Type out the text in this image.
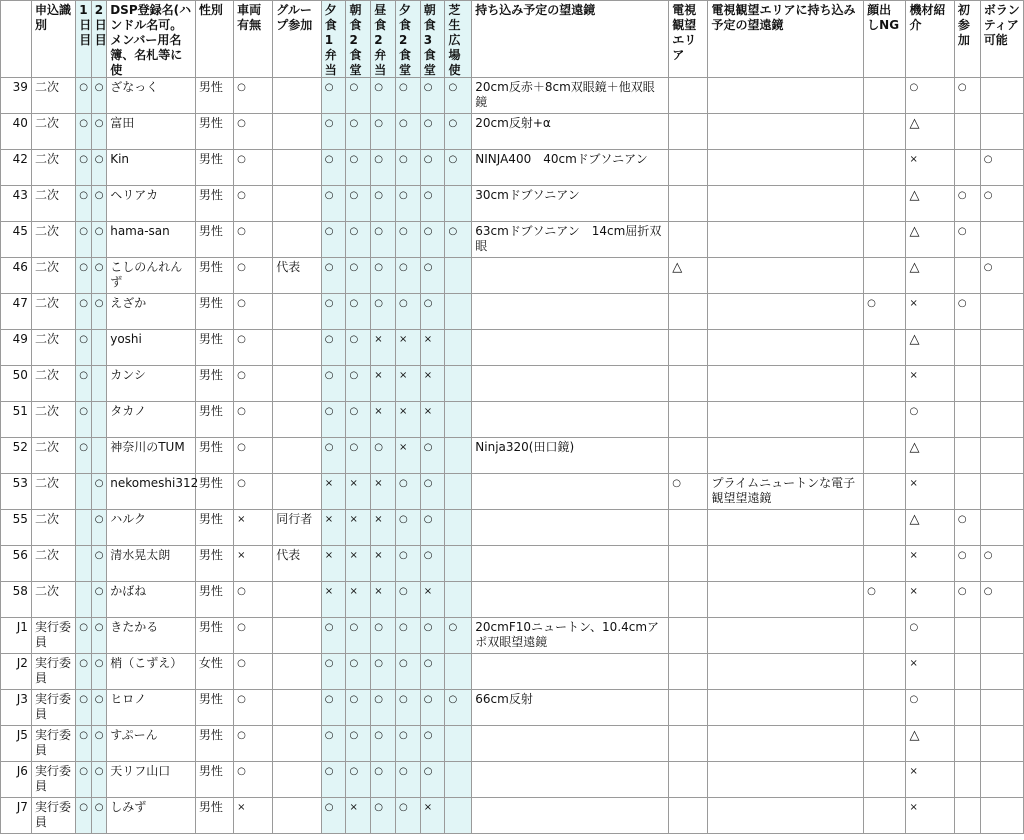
	申込識別	1日目	2日目	DSP登録名(ハンドル名可。メンバー用名簿、名札等に使	性別	車両有無	グループ参加	夕食1弁当	朝食2食堂	昼食2弁当	夕食2食堂	朝食3食堂	芝生広場使	持ち込み予定の望遠鏡	電視観望エリア	電視観望エリアに持ち込み予定の望遠鏡	顔出しNG	機材紹介	初参加	ボランティア可能

39	二次	○	○	ざなっく	男性	○		○	○	○	○	○	○	20cm反赤＋8cm双眼鏡＋他双眼鏡				○	○	

40	二次	○	○	富田	男性	○		○	○	○	○	○	○	20cm反射+α				△		

42	二次	○	○	Kin	男性	○		○	○	○	○	○	○	NINJA400　40cmドブソニアン				×		○

43	二次	○	○	ヘリアカ	男性	○		○	○	○	○	○		30cmドブソニアン				△	○	○

45	二次	○	○	hama-san	男性	○		○	○	○	○	○	○	63cmドブソニアン　14cm屈折双眼				△	○	

46	二次	○	○	こしのんれんず	男性	○	代表	○	○	○	○	○			△			△		○

47	二次	○	○	えざか	男性	○		○	○	○	○	○					○	×	○	

49	二次	○		yoshi	男性	○		○	○	×	×	×						△		

50	二次	○		カンシ	男性	○		○	○	×	×	×						×		

51	二次	○		タカノ	男性	○		○	○	×	×	×						○		

52	二次	○		神奈川のTUM	男性	○		○	○	○	×	○		Ninja320(田口鏡)				△		

53	二次		○	nekomeshi312	男性	○		×	×	×	○	○			○	プライムニュートンな電子観望望遠鏡		×		

55	二次		○	ハルク	男性	×	同行者	×	×	×	○	○						△	○	

56	二次		○	清水晃太朗	男性	×	代表	×	×	×	○	○						×	○	○

58	二次		○	かばね	男性	○		×	×	×	○	×					○	×	○	○

J1	実行委員	○	○	きたかる	男性	○		○	○	○	○	○	○	20cmF10ニュートン、10.4cmアポ双眼望遠鏡				○		

J2	実行委員	○	○	梢（こずえ）	女性	○		○	○	○	○	○						×		

J3	実行委員	○	○	ヒロノ	男性	○		○	○	○	○	○	○	66cm反射				○		

J5	実行委員	○	○	すぷーん	男性	○		○	○	○	○	○						△		

J6	実行委員	○	○	天リフ山口	男性	○		○	○	○	○	○						×		

J7	実行委員	○	○	しみず	男性	×		○	×	○	○	×						×		
